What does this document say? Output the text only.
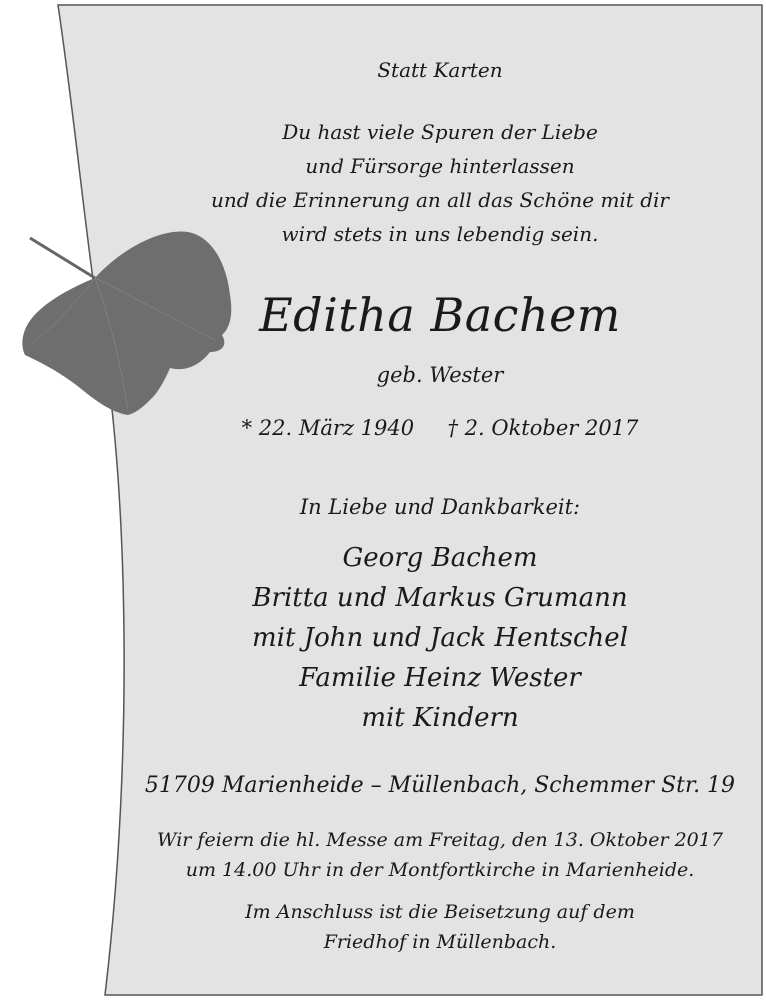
Statt Karten
Du hast viele Spuren der Liebe
und Fürsorge hinterlassen
und die Erinnerung an all das Schöne mit dir
wird stets in uns lebendig sein.
Editha Bachem
geb. Wester
* 22. März 1940     † 2. Oktober 2017
In Liebe und Dankbarkeit:
Georg Bachem
Britta und Markus Grumann
mit John und Jack Hentschel
Familie Heinz Wester
mit Kindern
51709 Marienheide – Müllenbach, Schemmer Str. 19
Wir feiern die hl. Messe am Freitag, den 13. Oktober 2017
um 14.00 Uhr in der Montfortkirche in Marienheide.
Im Anschluss ist die Beisetzung auf dem
Friedhof in Müllenbach.
